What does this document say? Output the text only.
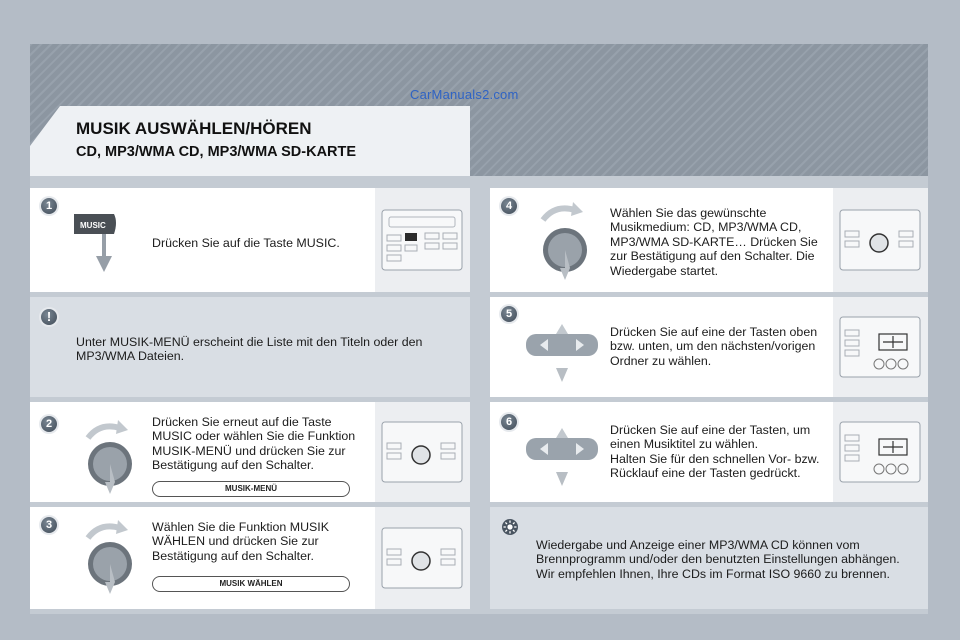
CarManuals2.com
MUSIK AUSWÄHLEN/HÖREN
CD, MP3/WMA CD, MP3/WMA SD-KARTE
1
MUSIC

Drücken Sie auf die Taste MUSIC.

!

Unter MUSIK-MENÜ erscheint die Liste mit den Titeln oder den
MP3/WMA Dateien.

2	Drücken Sie erneut auf die Taste
MUSIC oder wählen Sie die Funktion
MUSIK-MENÜ und drücken Sie zur
Bestätigung auf den Schalter.

MUSIK-MENÜ
3	Wählen Sie die Funktion MUSIK
WÄHLEN und drücken Sie zur
Bestätigung auf den Schalter.

MUSIK WÄHLEN
4	Wählen Sie das gewünschte
Musikmedium: CD, MP3/WMA CD,
MP3/WMA SD-KARTE… Drücken Sie
zur Bestätigung auf den Schalter. Die
Wiedergabe startet.

5

Drücken Sie auf eine der Tasten oben
bzw. unten, um den nächsten/vorigen
Ordner zu wählen.

6

Drücken Sie auf eine der Tasten, um
einen Musiktitel zu wählen.
Halten Sie für den schnellen Vor- bzw.
Rücklauf eine der Tasten gedrückt.

Wiedergabe und Anzeige einer MP3/WMA CD können vom
Brennprogramm und/oder den benutzten Einstellungen abhängen.
Wir empfehlen Ihnen, Ihre CDs im Format ISO 9660 zu brennen.
